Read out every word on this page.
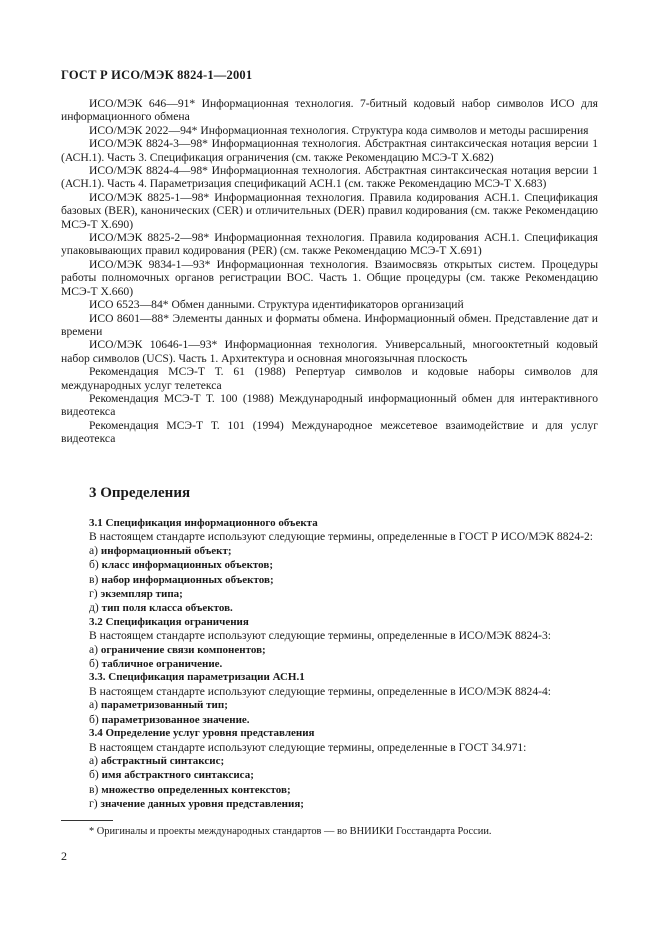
ГОСТ Р ИСО/МЭК 8824-1—2001

ИСО/МЭК 646—91* Информационная технология. 7-битный кодовый набор символов ИСО для информационного обмена

ИСО/МЭК 2022—94* Информационная технология. Структура кода символов и методы расширения

ИСО/МЭК 8824-3—98* Информационная технология. Абстрактная синтаксическая нотация версии 1 (АСН.1). Часть 3. Спецификация ограничения (см. также Рекомендацию МСЭ-Т X.682)

ИСО/МЭК 8824-4—98* Информационная технология. Абстрактная синтаксическая нотация версии 1 (АСН.1). Часть 4. Параметризация спецификаций АСН.1 (см. также Рекомендацию МСЭ-Т X.683)

ИСО/МЭК 8825-1—98* Информационная технология. Правила кодирования АСН.1. Спецификация базовых (BER), канонических (CER) и отличительных (DER) правил кодирования (см. также Рекомендацию МСЭ-Т X.690)

ИСО/МЭК 8825-2—98* Информационная технология. Правила кодирования АСН.1. Спецификация упаковывающих правил кодирования (PER) (см. также Рекомендацию МСЭ-Т X.691)

ИСО/МЭК 9834-1—93* Информационная технология. Взаимосвязь открытых систем. Процедуры работы полномочных органов регистрации ВОС. Часть 1. Общие процедуры (см. также Рекомендацию МСЭ-Т X.660)

ИСО 6523—84* Обмен данными. Структура идентификаторов организаций

ИСО 8601—88* Элементы данных и форматы обмена. Информационный обмен. Представление дат и времени

ИСО/МЭК 10646-1—93* Информационная технология. Универсальный, многооктетный кодовый набор символов (UCS). Часть 1. Архитектура и основная многоязычная плоскость

Рекомендация МСЭ-Т Т. 61 (1988) Репертуар символов и кодовые наборы символов для международных услуг телетекса

Рекомендация МСЭ-Т Т. 100 (1988) Международный информационный обмен для интерактивного видеотекса

Рекомендация МСЭ-Т Т. 101 (1994) Международное межсетевое взаимодействие и для услуг видеотекса

3 Определения

3.1 Спецификация информационного объекта

В настоящем стандарте используют следующие термины, определенные в ГОСТ Р ИСО/МЭК 8824-2:

а) информационный объект;

б) класс информационных объектов;

в) набор информационных объектов;

г) экземпляр типа;

д) тип поля класса объектов.

3.2 Спецификация ограничения

В настоящем стандарте используют следующие термины, определенные в ИСО/МЭК 8824-3:

а) ограничение связи компонентов;

б) табличное ограничение.

3.3. Спецификация параметризации АСН.1

В настоящем стандарте используют следующие термины, определенные в ИСО/МЭК 8824-4:

а) параметризованный тип;

б) параметризованное значение.

3.4 Определение услуг уровня представления

В настоящем стандарте используют следующие термины, определенные в ГОСТ 34.971:

а) абстрактный синтаксис;

б) имя абстрактного синтаксиса;

в) множество определенных контекстов;

г) значение данных уровня представления;

* Оригиналы и проекты международных стандартов — во ВНИИКИ Госстандарта России.
2
